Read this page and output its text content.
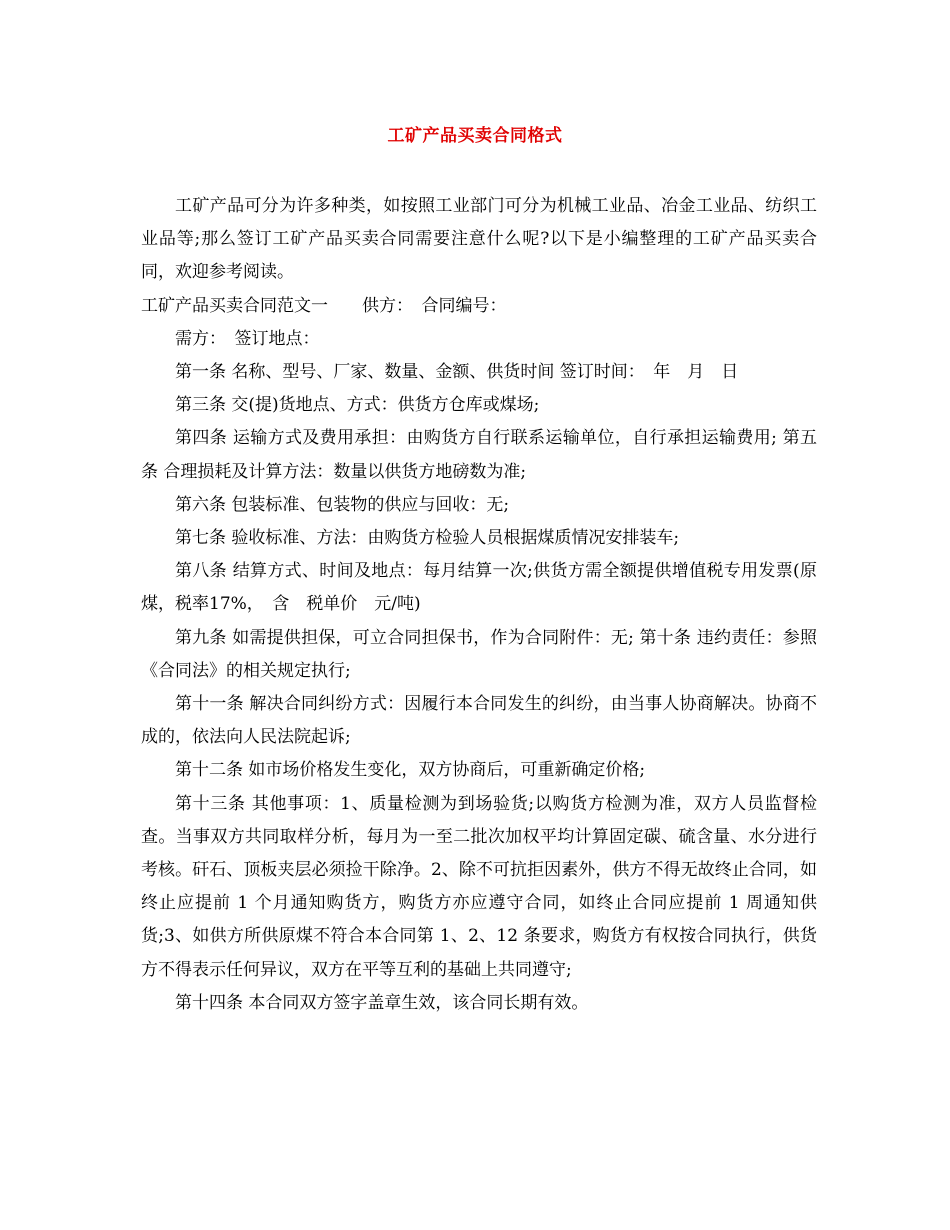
工矿产品买卖合同格式

工矿产品可分为许多种类，如按照工业部门可分为机械工业品、冶金工业品、纺织工业品等;那么签订工矿产品买卖合同需要注意什么呢?以下是小编整理的工矿产品买卖合同，欢迎参考阅读。

工矿产品买卖合同范文一　　供方：　合同编号：

需方：　签订地点：

第一条 名称、型号、厂家、数量、金额、供货时间 签订时间：　年　月　日

第三条 交(提)货地点、方式：供货方仓库或煤场;

第四条 运输方式及费用承担：由购货方自行联系运输单位，自行承担运输费用; 第五条 合理损耗及计算方法：数量以供货方地磅数为准;

第六条 包装标准、包装物的供应与回收：无;

第七条 验收标准、方法：由购货方检验人员根据煤质情况安排装车;

第八条 结算方式、时间及地点：每月结算一次;供货方需全额提供增值税专用发票(原煤，税率17%，　含　税单价　元/吨)

第九条 如需提供担保，可立合同担保书，作为合同附件：无; 第十条 违约责任：参照《合同法》的相关规定执行;

第十一条 解决合同纠纷方式：因履行本合同发生的纠纷，由当事人协商解决。协商不成的，依法向人民法院起诉;

第十二条 如市场价格发生变化，双方协商后，可重新确定价格;

第十三条 其他事项：1、质量检测为到场验货;以购货方检测为准，双方人员监督检查。当事双方共同取样分析，每月为一至二批次加权平均计算固定碳、硫含量、水分进行考核。矸石、顶板夹层必须捡干除净。2、除不可抗拒因素外，供方不得无故终止合同，如终止应提前 1 个月通知购货方，购货方亦应遵守合同，如终止合同应提前 1 周通知供货;3、如供方所供原煤不符合本合同第 1、2、12 条要求，购货方有权按合同执行，供货方不得表示任何异议，双方在平等互利的基础上共同遵守;

第十四条 本合同双方签字盖章生效，该合同长期有效。
